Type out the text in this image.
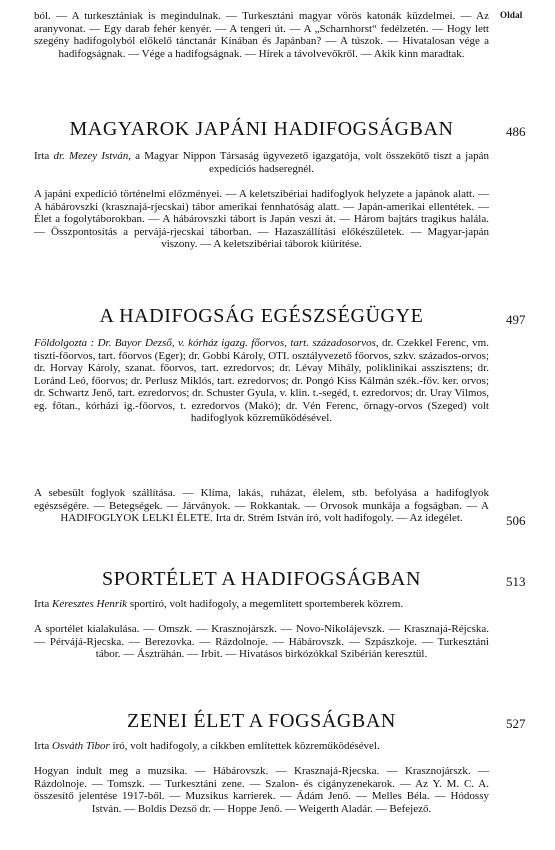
Oldal

ból. — A turkesztániak is megindulnak. — Turkesztáni magyar vörös katonák küzdelmei. — Az aranyvonat. — Egy darab fehér kenyér. — A tengeri út. — A „Scharnhorst“ fedélzetén. — Hogy lett szegény hadifogolyból előkelő tánctanár Kínában és Japánban? — A túszok. — Hivatalosan vége a hadifogságnak. — Vége a hadifogságnak. — Hírek a távolvevőkről. — Akik kinn maradtak.

MAGYAROK JAPÁNI HADIFOGSÁGBAN	486

Irta dr. Mezey István, a Magyar Nippon Társaság ügyvezető igazgatója, volt összekötő tiszt a japán expedíciós hadseregnél.

A japáni expedíció történelmi előzményei. — A keletszibériai hadifoglyok helyzete a japánok alatt. — A hábárovszki (krasznajá-rjecskai) tábor amerikai fennhatóság alatt. — Japán-amerikai ellentétek. — Élet a fogolytáborokban. — A hábárovszki tábort is Japán veszi át. — Három bajtárs tragikus halála. — Összpontosítás a pervájá-rjecskai táborban. — Hazaszállítási előkészületek. — Magyar-japán viszony. — A keletszibériai táborok kiürítése.

A HADIFOGSÁG EGÉSZSÉGÜGYE	497

Földolgozta : Dr. Bayor Dezső, v. kórház igazg. főorvos, tart. századosorvos, dr. Czekkel Ferenc, vm. tiszti-főorvos, tart. főorvos (Eger); dr. Gobbi Károly, OTI. osztályvezető főorvos, szkv. százados-orvos; dr. Horvay Károly, szanat. főorvos, tart. ezredorvos; dr. Lévay Mihály, poliklinikai asszisztens; dr. Loránd Leó, főorvos; dr. Perlusz Miklós, tart. ezredorvos; dr. Pongó Kiss Kálmán szék.-főv. ker. orvos; dr. Schwartz Jenő, tart. ezredorvos; dr. Schuster Gyula, v. klin. t.-segéd, t. ezredorvos; dr. Uray Vilmos, eg. főtan., kórházi ig.-főorvos, t. ezredorvos (Makó); dr. Vén Ferenc, őrnagy-orvos (Szeged) volt hadifoglyok közreműködésével.

A sebesült foglyok szállítása. — Klíma, lakás, ruházat, élelem, stb. befolyása a hadifoglyok egészségére. — Betegségek. — Járványok. — Rokkantak. — Orvosok munkája a fogságban. — A HADIFOGLYOK LELKI ÉLETE. Irta dr. Strém István író, volt hadifogoly. — Az idegélet.	506
SPORTÉLET A HADIFOGSÁGBAN	513

Irta Keresztes Henrik sportíró, volt hadifogoly, a megemlített sportemberek közrem.

A sportélet kialakulása. — Omszk. — Krasznojárszk. — Novo-Nikolájevszk. — Krasznajá-Réjcska. — Pérvájá-Rjecska. — Berezovka. — Rázdolnoje. — Hábárovszk. — Szpászkoje. — Turkesztáni tábor. — Ászträhán. — Irbit. — Hivatásos birkózókkal Szibérián keresztül.

ZENEI ÉLET A FOGSÁGBAN	527

Irta Osváth Tibor író, volt hadifogoly, a cikkben említettek közreműködésével.

Hogyan indult meg a muzsika. — Hábárovszk. — Krasznajá-Rjecska. — Krasznojárszk. — Rázdolnoje. — Tomszk. — Turkesztáni zene. — Szalon- és cigányzenekarok. — Az Y. M. C. A. összesítő jelentése 1917-ből. — Muzsikus karrierek. — Ádám Jenő. — Melles Béla. — Hódossy István. — Boldis Dezső dr. — Hoppe Jenő. — Weigerth Aladár. — Befejező.
